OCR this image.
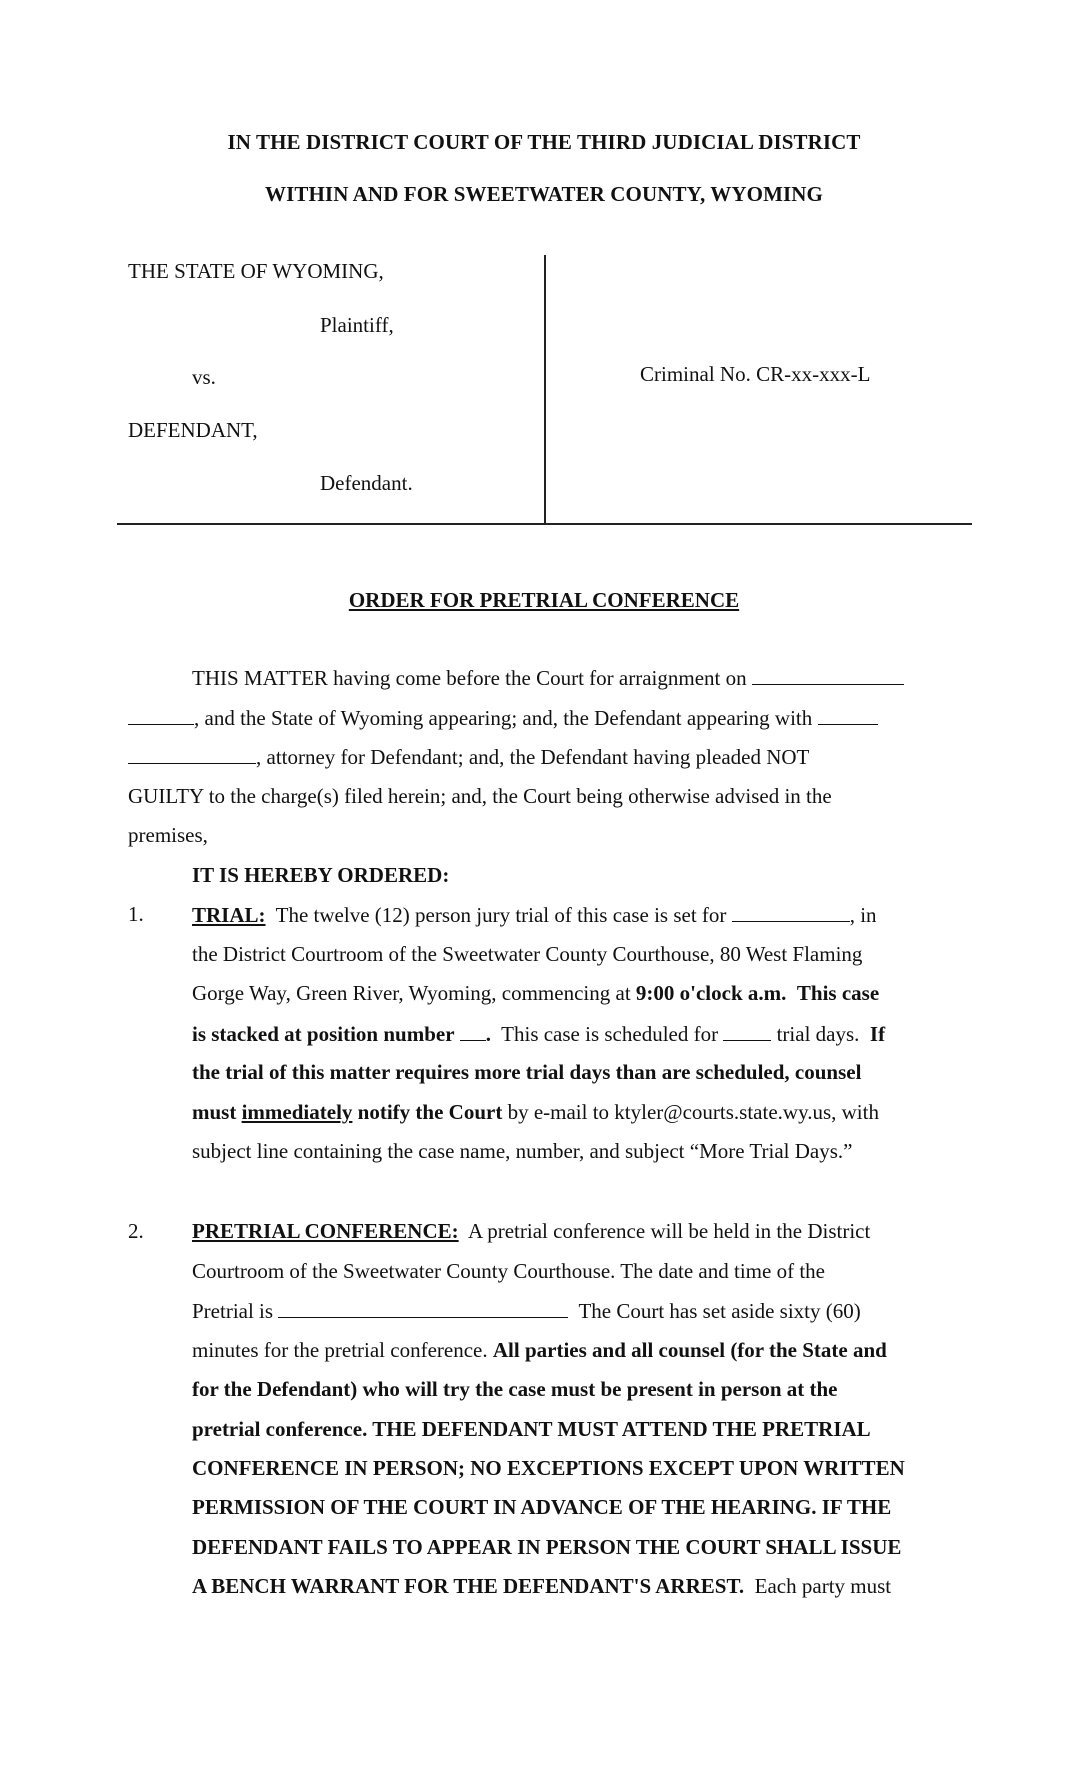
IN THE DISTRICT COURT OF THE THIRD JUDICIAL DISTRICT
WITHIN AND FOR SWEETWATER COUNTY, WYOMING
THE STATE OF WYOMING,
Plaintiff,
vs.
DEFENDANT,
Defendant.
Criminal No. CR-xx-xxx-L
ORDER FOR PRETRIAL CONFERENCE
THIS MATTER having come before the Court for arraignment on
, and the State of Wyoming appearing; and, the Defendant appearing with
, attorney for Defendant; and, the Defendant having pleaded NOT
GUILTY to the charge(s) filed herein; and, the Court being otherwise advised in the
premises,
IT IS HEREBY ORDERED:
1. TRIAL: The twelve (12) person jury trial of this case is set for	, in
the District Courtroom of the Sweetwater County Courthouse, 80 West Flaming
Gorge Way, Green River, Wyoming, commencing at 9:00 o'clock a.m. This case
is stacked at position number . This case is scheduled for	trial days. If
the trial of this matter requires more trial days than are scheduled, counsel
must immediately notify the Court by e-mail to ktyler@courts.state.wy.us, with
subject line containing the case name, number, and subject “More Trial Days.”
2. PRETRIAL CONFERENCE: A pretrial conference will be held in the District
Courtroom of the Sweetwater County Courthouse. The date and time of the
Pretrial is	The Court has set aside sixty (60)
minutes for the pretrial conference. All parties and all counsel (for the State and
for the Defendant) who will try the case must be present in person at the
pretrial conference. THE DEFENDANT MUST ATTEND THE PRETRIAL
CONFERENCE IN PERSON; NO EXCEPTIONS EXCEPT UPON WRITTEN
PERMISSION OF THE COURT IN ADVANCE OF THE HEARING. IF THE
DEFENDANT FAILS TO APPEAR IN PERSON THE COURT SHALL ISSUE
A BENCH WARRANT FOR THE DEFENDANT'S ARREST. Each party must
